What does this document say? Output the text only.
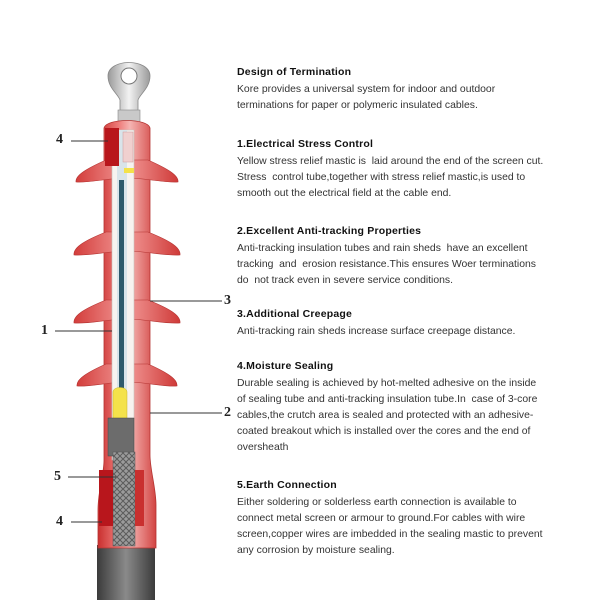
4
1
3
2
5
4
Design of Termination

Kore provides a universal system for indoor and outdoor
terminations for paper or polymeric insulated cables.

1.Electrical Stress Control

Yellow stress relief mastic is  laid around the end of the screen cut.
Stress  control tube,together with stress relief mastic,is used to
smooth out the electrical field at the cable end.

2.Excellent Anti-tracking Properties

Anti-tracking insulation tubes and rain sheds  have an excellent
tracking  and  erosion resistance.This ensures Woer terminations
do  not track even in severe service conditions.

3.Additional Creepage

Anti-tracking rain sheds increase surface creepage distance.

4.Moisture Sealing

Durable sealing is achieved by hot-melted adhesive on the inside
of sealing tube and anti-tracking insulation tube.In  case of 3-core
cables,the crutch area is sealed and protected with an adhesive-
coated breakout which is installed over the cores and the end of
oversheath

5.Earth Connection

Either soldering or solderless earth connection is available to
connect metal screen or armour to ground.For cables with wire
screen,copper wires are imbedded in the sealing mastic to prevent
any corrosion by moisture sealing.
